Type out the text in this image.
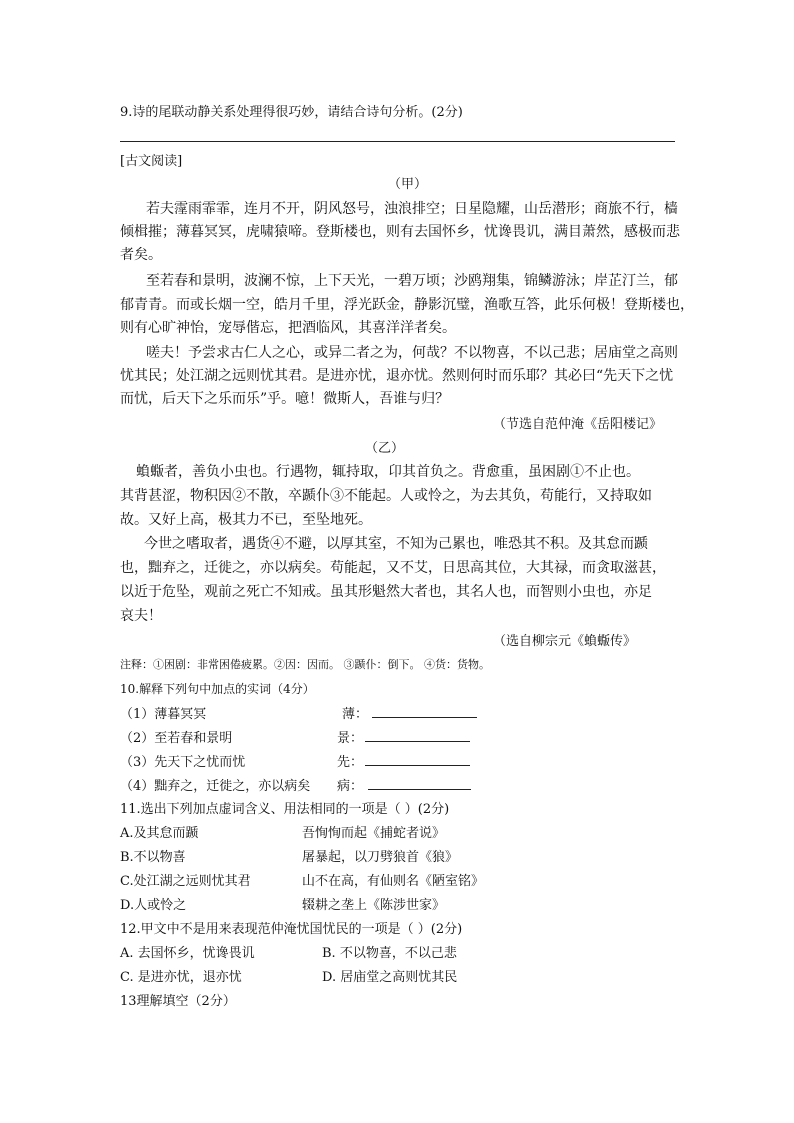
9.诗的尾联动静关系处理得很巧妙，请结合诗句分析。(2分)
[古文阅读]
（甲）
若夫霪雨霏霏，连月不开，阴风怒号，浊浪排空；日星隐耀，山岳潜形；商旅不行，樯
倾楫摧；薄暮冥冥，虎啸猿啼。登斯楼也，则有去国怀乡，忧谗畏讥，满目萧然，感极而悲
者矣。
至若春和景明，波澜不惊，上下天光，一碧万顷；沙鸥翔集，锦鳞游泳；岸芷汀兰，郁
郁青青。而或长烟一空，皓月千里，浮光跃金，静影沉璧，渔歌互答，此乐何极！登斯楼也，
则有心旷神怡，宠辱偕忘，把酒临风，其喜洋洋者矣。
嗟夫！予尝求古仁人之心，或异二者之为，何哉？不以物喜，不以己悲；居庙堂之高则
忧其民；处江湖之远则忧其君。是进亦忧，退亦忧。然则何时而乐耶？其必曰“先天下之忧
而忧，后天下之乐而乐”乎。噫！微斯人，吾谁与归？
（节选自范仲淹《岳阳楼记》
（乙）
蝜蝂者，善负小虫也。行遇物，辄持取，卬其首负之。背愈重，虽困剧①不止也。
其背甚涩，物积因②不散，卒踬仆③不能起。人或怜之，为去其负，苟能行，又持取如
故。又好上高，极其力不已，至坠地死。
今世之嗜取者，遇货④不避，以厚其室，不知为己累也，唯恐其不积。及其怠而踬
也，黜弃之，迁徙之，亦以病矣。苟能起，又不艾，日思高其位，大其禄，而贪取滋甚，
以近于危坠，观前之死亡不知戒。虽其形魁然大者也，其名人也，而智则小虫也，亦足
哀夫！
（选自柳宗元《蝜蝂传》
注释：①困剧：非常困倦疲累。②因：因而。 ③踬仆：倒下。 ④货：货物。
10.解释下列句中加点的实词（4分）
（1）薄暮冥冥	薄：
（2）至若春和景明	景：
（3）先天下之忧而忧	先：
（4）黜弃之，迁徙之，亦以病矣 病：
11.选出下列加点虚词含义、用法相同的一项是（ ）(2分)
A.及其怠而踬	吾恂恂而起《捕蛇者说》
B.不以物喜	屠暴起，以刀劈狼首《狼》
C.处江湖之远则忧其君	山不在高，有仙则名《陋室铭》
D.人或怜之	辍耕之垄上《陈涉世家》
12.甲文中不是用来表现范仲淹忧国忧民的一项是（ ）(2分)
A. 去国怀乡，忧谗畏讥	B. 不以物喜，不以己悲
C. 是进亦忧，退亦忧	D. 居庙堂之高则忧其民
13理解填空（2分）
